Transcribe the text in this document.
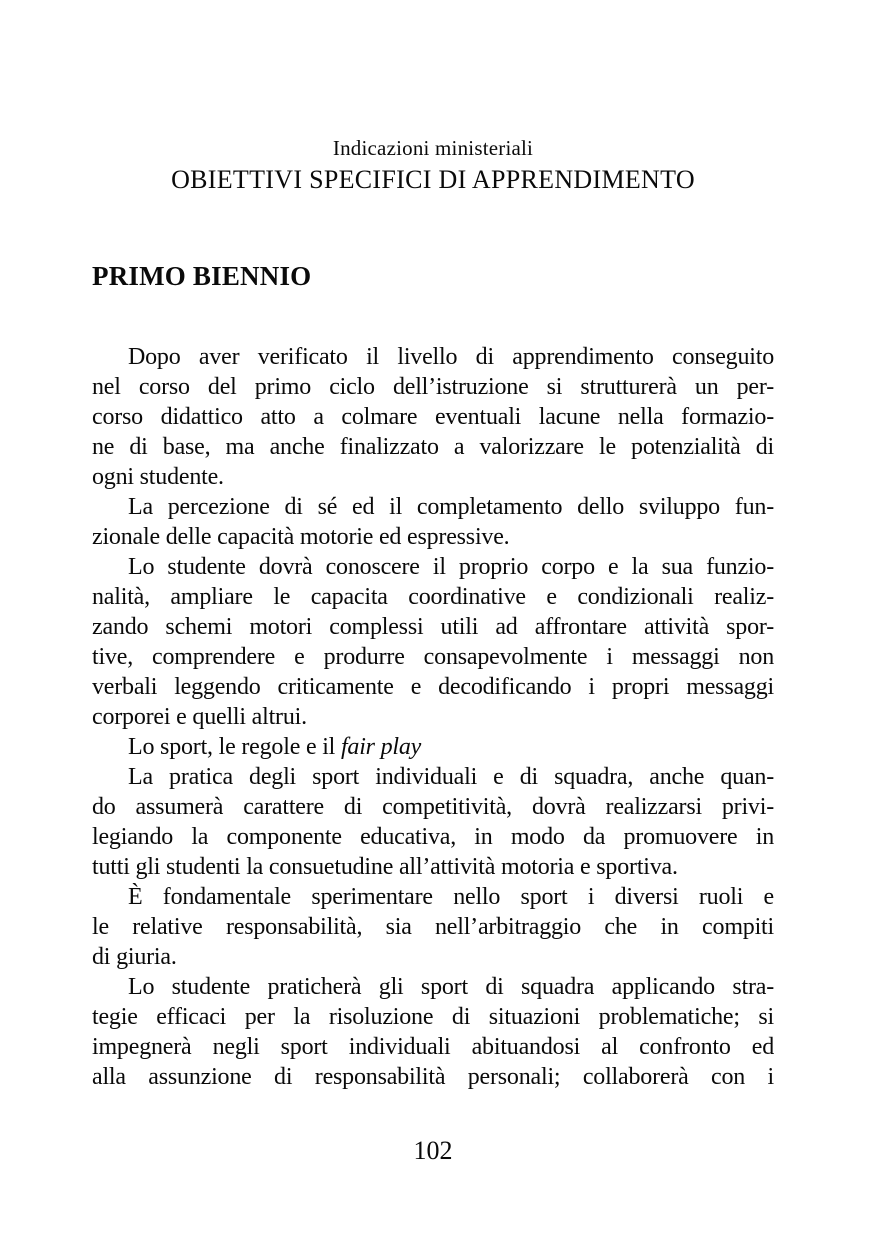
Indicazioni ministeriali
OBIETTIVI SPECIFICI DI APPRENDIMENTO
PRIMO BIENNIO
Dopo aver verificato il livello di apprendimento conseguito
nel corso del primo ciclo dell’istruzione si strutturerà un per-
corso didattico atto a colmare eventuali lacune nella formazio-
ne di base, ma anche finalizzato a valorizzare le potenzialità di
ogni studente.
La percezione di sé ed il completamento dello sviluppo fun-
zionale delle capacità motorie ed espressive.
Lo studente dovrà conoscere il proprio corpo e la sua funzio-
nalità, ampliare le capacita coordinative e condizionali realiz-
zando schemi motori complessi utili ad affrontare attività spor-
tive, comprendere e produrre consapevolmente i messaggi non
verbali leggendo criticamente e decodificando i propri messaggi
corporei e quelli altrui.
Lo sport, le regole e il fair play
La pratica degli sport individuali e di squadra, anche quan-
do assumerà carattere di competitività, dovrà realizzarsi privi-
legiando la componente educativa, in modo da promuovere in
tutti gli studenti la consuetudine all’attività motoria e sportiva.
È fondamentale sperimentare nello sport i diversi ruoli e
le relative responsabilità, sia nell’arbitraggio che in compiti
di giuria.
Lo studente praticherà gli sport di squadra applicando stra-
tegie efficaci per la risoluzione di situazioni problematiche; si
impegnerà negli sport individuali abituandosi al confronto ed
alla assunzione di responsabilità personali; collaborerà con i
102
